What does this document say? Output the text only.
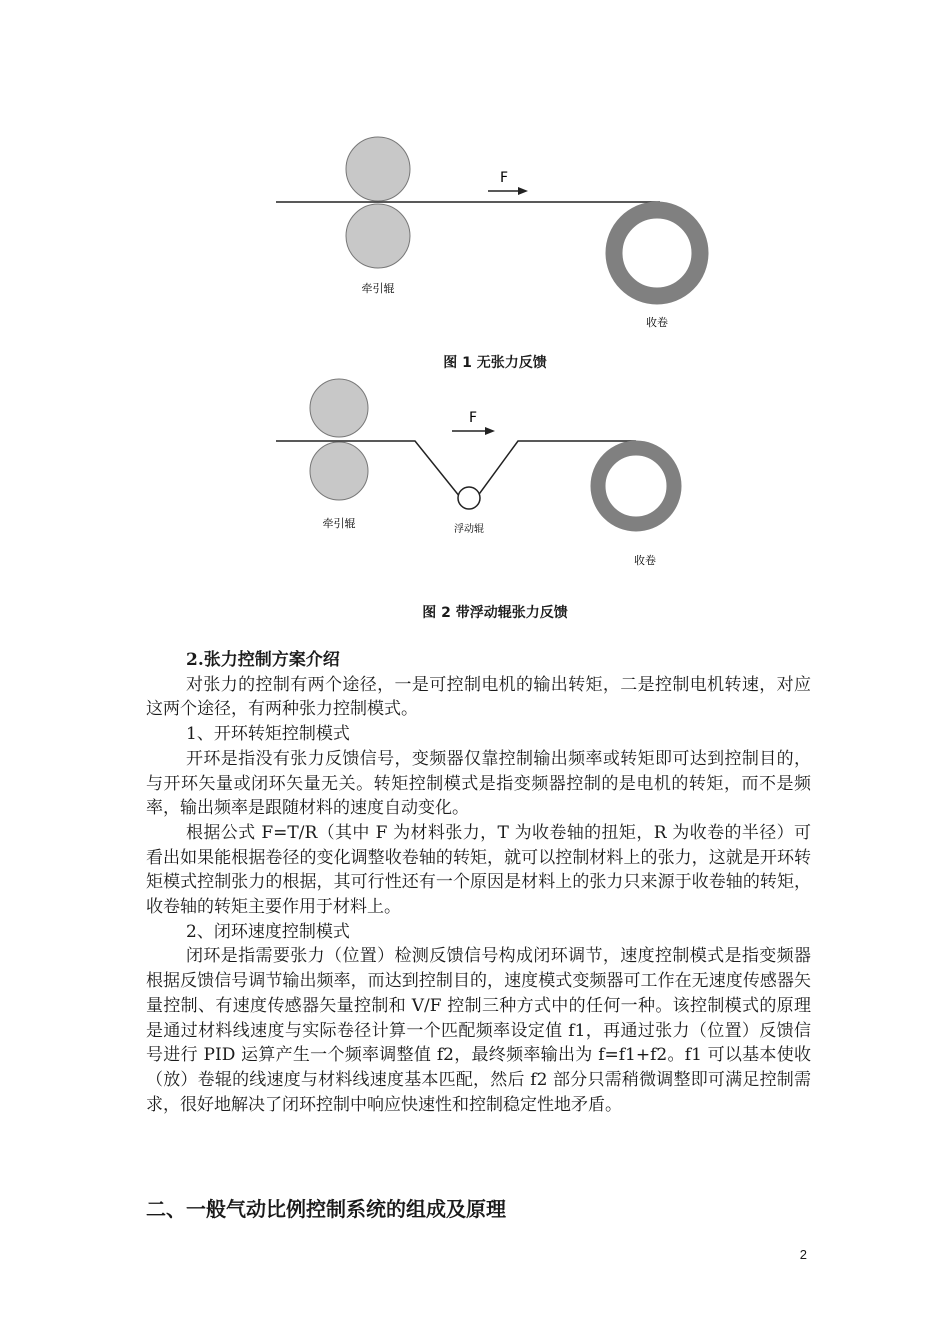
F
牵引辊
收卷
F
牵引辊	浮动辊
收卷
图 1 无张力反馈
图 2 带浮动辊张力反馈

2.张力控制方案介绍

对张力的控制有两个途径，一是可控制电机的输出转矩，二是控制电机转速，对应这两个途径，有两种张力控制模式。

1、开环转矩控制模式

开环是指没有张力反馈信号，变频器仅靠控制输出频率或转矩即可达到控制目的，与开环矢量或闭环矢量无关。转矩控制模式是指变频器控制的是电机的转矩，而不是频率，输出频率是跟随材料的速度自动变化。

根据公式 F=T/R（其中 F 为材料张力，T 为收卷轴的扭矩，R 为收卷的半径）可看出如果能根据卷径的变化调整收卷轴的转矩，就可以控制材料上的张力，这就是开环转矩模式控制张力的根据，其可行性还有一个原因是材料上的张力只来源于收卷轴的转矩，收卷轴的转矩主要作用于材料上。

2、闭环速度控制模式

闭环是指需要张力（位置）检测反馈信号构成闭环调节，速度控制模式是指变频器根据反馈信号调节输出频率，而达到控制目的，速度模式变频器可工作在无速度传感器矢量控制、有速度传感器矢量控制和 V/F 控制三种方式中的任何一种。该控制模式的原理是通过材料线速度与实际卷径计算一个匹配频率设定值 f1，再通过张力（位置）反馈信号进行 PID 运算产生一个频率调整值 f2，最终频率输出为 f=f1+f2。f1 可以基本使收（放）卷辊的线速度与材料线速度基本匹配，然后 f2 部分只需稍微调整即可满足控制需求，很好地解决了闭环控制中响应快速性和控制稳定性地矛盾。

二、一般气动比例控制系统的组成及原理
2
